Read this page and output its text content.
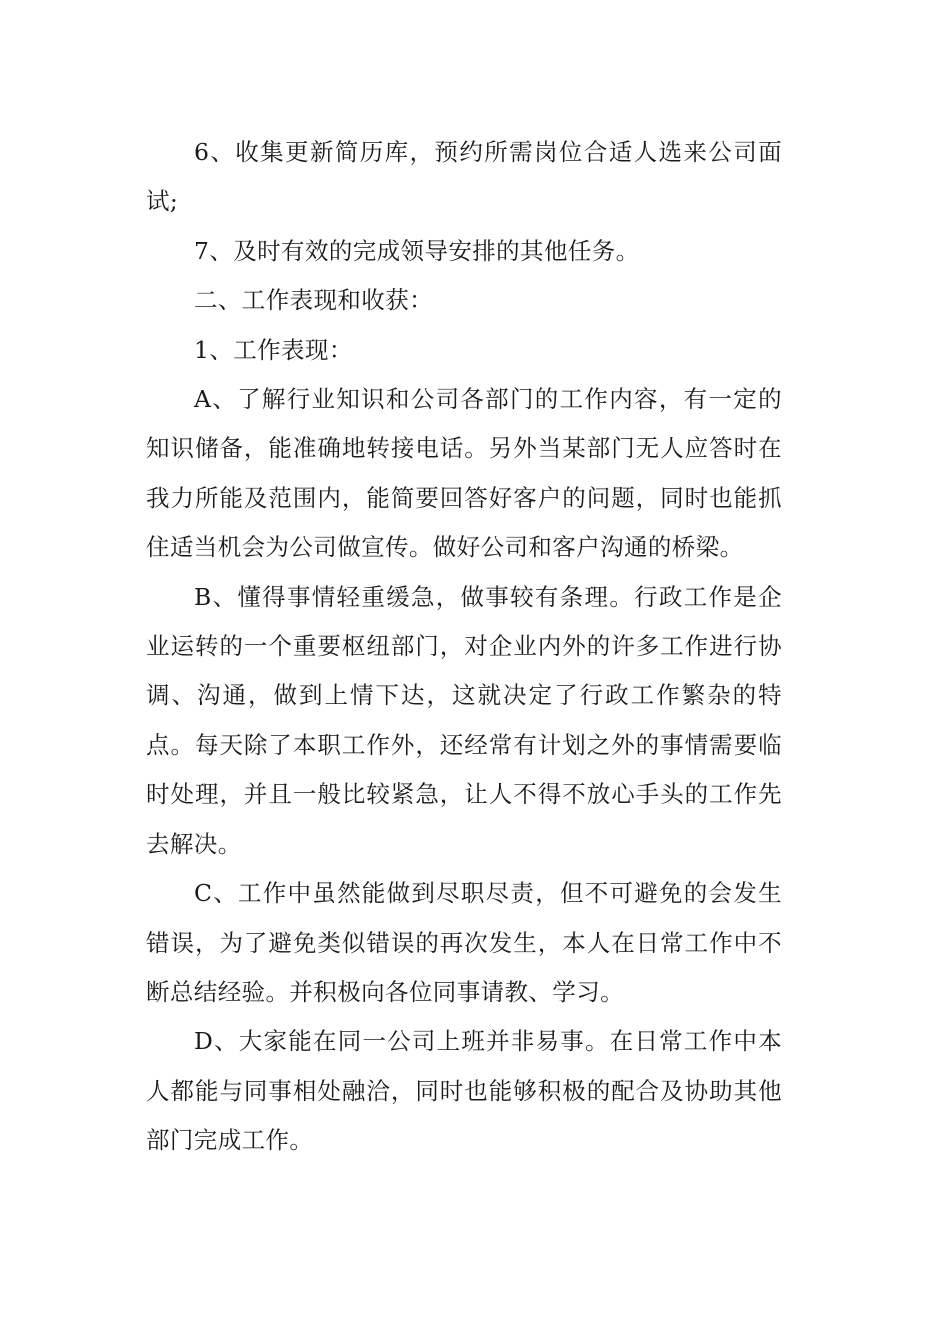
6、收集更新简历库，预约所需岗位合适人选来公司面试;

7、及时有效的完成领导安排的其他任务。

二、工作表现和收获：

1、工作表现：

A、了解行业知识和公司各部门的工作内容，有一定的知识储备，能准确地转接电话。另外当某部门无人应答时在我力所能及范围内，能简要回答好客户的问题，同时也能抓住适当机会为公司做宣传。做好公司和客户沟通的桥梁。

B、懂得事情轻重缓急，做事较有条理。行政工作是企业运转的一个重要枢纽部门，对企业内外的许多工作进行协调、沟通，做到上情下达，这就决定了行政工作繁杂的特点。每天除了本职工作外，还经常有计划之外的事情需要临时处理，并且一般比较紧急，让人不得不放心手头的工作先去解决。

C、工作中虽然能做到尽职尽责，但不可避免的会发生错误，为了避免类似错误的再次发生，本人在日常工作中不断总结经验。并积极向各位同事请教、学习。

D、大家能在同一公司上班并非易事。在日常工作中本人都能与同事相处融洽，同时也能够积极的配合及协助其他部门完成工作。
